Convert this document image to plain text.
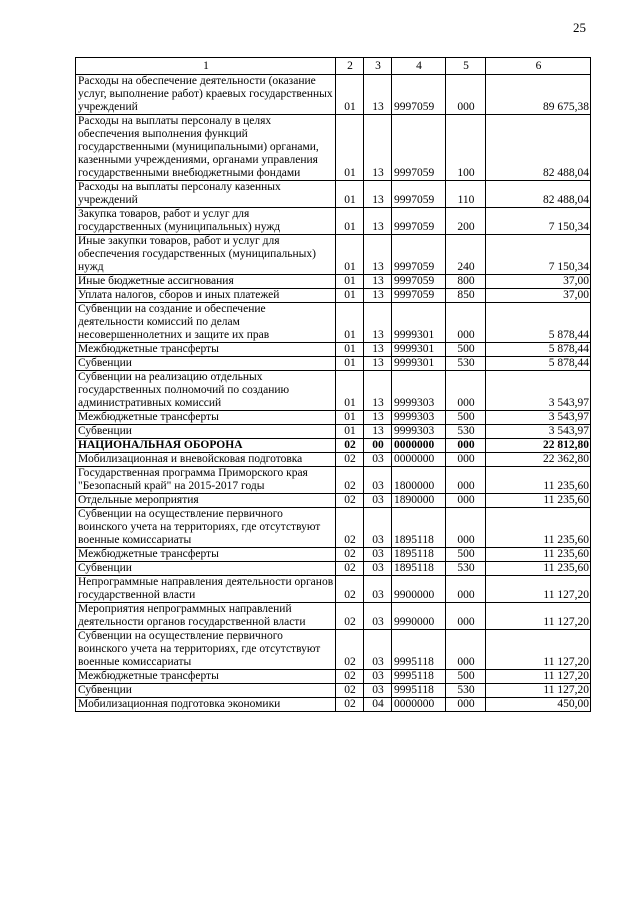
25
1	2	3	4	5	6
Расходы на обеспечение деятельности (оказание услуг, выполнение работ) краевых государственных учреждений	01	13	9997059	000	89 675,38
Расходы на выплаты персоналу в целях обеспечения выполнения функций государственными (муниципальными) органами, казенными учреждениями, органами управления государственными внебюджетными фондами	01	13	9997059	100	82 488,04
Расходы на выплаты персоналу казенных учреждений	01	13	9997059	110	82 488,04
Закупка товаров, работ и услуг для государственных (муниципальных) нужд	01	13	9997059	200	7 150,34
Иные закупки товаров, работ и услуг для обеспечения государственных (муниципальных) нужд	01	13	9997059	240	7 150,34
Иные бюджетные ассигнования	01	13	9997059	800	37,00
Уплата налогов, сборов и иных платежей	01	13	9997059	850	37,00
Субвенции на создание и обеспечение деятельности комиссий по делам несовершеннолетних и защите их прав	01	13	9999301	000	5 878,44
Межбюджетные трансферты	01	13	9999301	500	5 878,44
Субвенции	01	13	9999301	530	5 878,44
Субвенции на реализацию отдельных государственных полномочий по созданию административных комиссий	01	13	9999303	000	3 543,97
Межбюджетные трансферты	01	13	9999303	500	3 543,97
Субвенции	01	13	9999303	530	3 543,97
НАЦИОНАЛЬНАЯ ОБОРОНА	02	00	0000000	000	22 812,80
Мобилизационная и вневойсковая подготовка	02	03	0000000	000	22 362,80
Государственная программа Приморского края "Безопасный край" на 2015-2017 годы	02	03	1800000	000	11 235,60
Отдельные мероприятия	02	03	1890000	000	11 235,60
Субвенции на осуществление первичного воинского учета на территориях, где отсутствуют военные комиссариаты	02	03	1895118	000	11 235,60
Межбюджетные трансферты	02	03	1895118	500	11 235,60
Субвенции	02	03	1895118	530	11 235,60
Непрограммные направления деятельности органов государственной власти	02	03	9900000	000	11 127,20
Мероприятия непрограммных направлений деятельности органов государственной власти	02	03	9990000	000	11 127,20
Субвенции на осуществление первичного воинского учета на территориях, где отсутствуют военные комиссариаты	02	03	9995118	000	11 127,20
Межбюджетные трансферты	02	03	9995118	500	11 127,20
Субвенции	02	03	9995118	530	11 127,20
Мобилизационная подготовка экономики	02	04	0000000	000	450,00
